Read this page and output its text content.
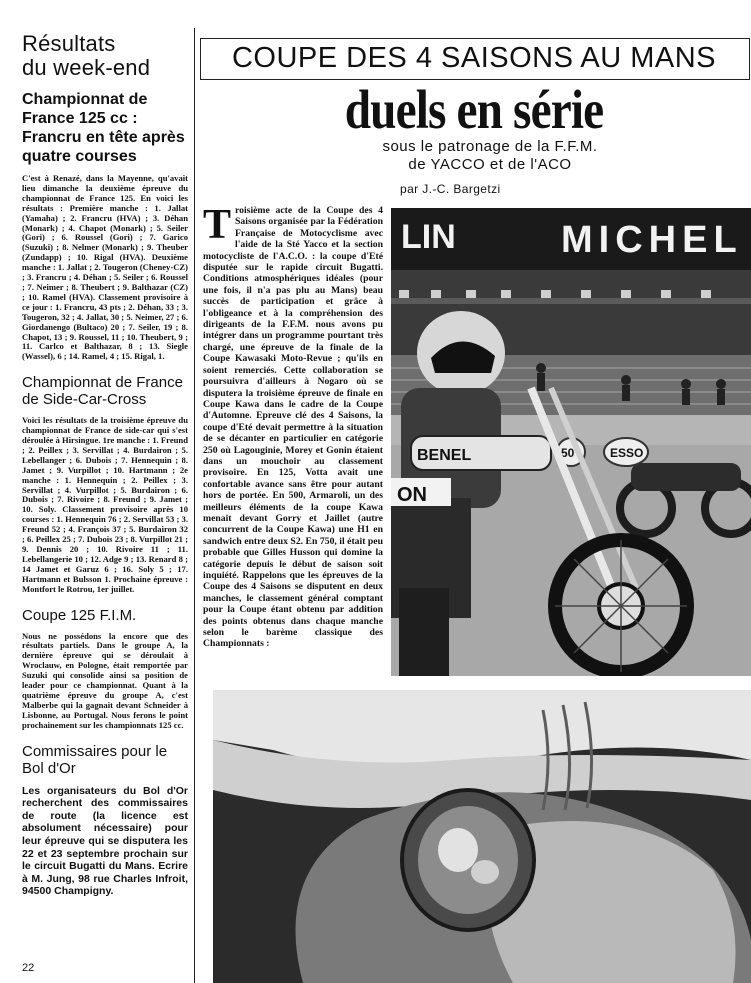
Résultats
du week-end
Championnat de France 125 cc : Francru en tête après quatre courses

C'est à Renazé, dans la Mayenne, qu'avait lieu dimanche la deuxième épreuve du championnat de France 125. En voici les résultats : Première manche : 1. Jallat (Yamaha) ; 2. Francru (HVA) ; 3. Déhan (Monark) ; 4. Chapot (Monark) ; 5. Seiler (Gori) ; 6. Roussel (Gori) ; 7. Garico (Suzuki) ; 8. Nelmer (Monark) ; 9. Theuber (Zundapp) ; 10. Rigal (HVA). Deuxième manche : 1. Jallat ; 2. Tougeron (Cheney-CZ) ; 3. Francru ; 4. Déhan ; 5. Seiler ; 6. Roussel ; 7. Neimer ; 8. Theubert ; 9. Balthazar (CZ) ; 10. Ramel (HVA). Classement provisoire à ce jour : 1. Francru, 43 pts ; 2. Déhan, 33 ; 3. Tougeron, 32 ; 4. Jallat, 30 ; 5. Neimer, 27 ; 6. Giordanengo (Bultaco) 20 ; 7. Seiler, 19 ; 8. Chapot, 13 ; 9. Roussel, 11 ; 10. Theubert, 9 ; 11. Carlco et Balthazar, 8 ; 13. Siegle (Wassel), 6 ; 14. Ramel, 4 ; 15. Rigal, 1.

Championnat de France de Side-Car-Cross

Voici les résultats de la troisième épreuve du championnat de France de side-car qui s'est déroulée à Hirsingue. 1re manche : 1. Freund ; 2. Peillex ; 3. Servillat ; 4. Burdairon ; 5. Lebellanger ; 6. Dubois ; 7. Hennequin ; 8. Jamet ; 9. Vurpillot ; 10. Hartmann ; 2e manche : 1. Hennequin ; 2. Peillex ; 3. Servillat ; 4. Vurpillot ; 5. Burdairon ; 6. Dubois ; 7. Rivoire ; 8. Freund ; 9. Jamet ; 10. Soly. Classement provisoire après 10 courses : 1. Hennequin 76 ; 2. Servillat 53 ; 3. Freund 52 ; 4. François 37 ; 5. Burdairon 32 ; 6. Peillex 25 ; 7. Dubois 23 ; 8. Vurpillot 21 ; 9. Dennis 20 ; 10. Rivoire 11 ; 11. Lebellangerie 10 ; 12. Adge 9 ; 13. Renard 8 ; 14 Jamet et Garuz 6 ; 16. Soly 5 ; 17. Hartmann et Bulsson 1. Prochaine épreuve : Montfort le Rotrou, 1er juillet.

Coupe 125 F.I.M.

Nous ne possédons la encore que des résultats partiels. Dans le groupe A, la dernière épreuve qui se déroulait à Wroclauw, en Pologne, était remportée par Suzuki qui consolide ainsi sa position de leader pour ce championnat. Quant à la quatrième épreuve du groupe A, c'est Malberbe qui la gagnait devant Schneider à Lisbonne, au Portugal. Nous ferons le point prochainement sur les championnats 125 cc.

Commissaires pour le Bol d'Or

Les organisateurs du Bol d'Or recherchent des commissaires de route (la licence est absolument nécessaire) pour leur épreuve qui se disputera les 22 et 23 septembre prochain sur le circuit Bugatti du Mans. Ecrire à M. Jung, 98 rue Charles Infroit, 94500 Champigny.

22
COUPE DES 4 SAISONS AU MANS
duels en série
sous le patronage de la F.F.M.
de YACCO et de l'ACO
par J.-C. Bargetzi
T roisième acte de la Coupe des 4 Saisons organisée par la Fédération Française de Motocyclisme avec l'aide de la Sté Yacco et la section motocycliste de l'A.C.O. : la coupe d'Eté disputée sur le rapide circuit Bugatti. Conditions atmosphériques idéales (pour une fois, il n'a pas plu au Mans) beau succès de participation et grâce à l'obligeance et à la compréhension des dirigeants de la F.F.M. nous avons pu intégrer dans un programme pourtant très chargé, une épreuve de la finale de la Coupe Kawasaki Moto-Revue ; qu'ils en soient remerciés. Cette collaboration se poursuivra d'ailleurs à Nogaro où se disputera la troisième épreuve de finale en Coupe Kawa dans le cadre de la Coupe d'Automne. Epreuve clé des 4 Saisons, la coupe d'Eté devait permettre à la situation de se décanter en particulier en catégorie 250 où Lagouginie, Morey et Gonin étaient dans un mouchoir au classement provisoire. En 125, Votta avait une confortable avance sans être pour autant hors de portée. En 500, Armaroli, un des meilleurs éléments de la coupe Kawa menait devant Gorry et Jaillet (autre concurrent de la Coupe Kawa) une H1 en sandwich entre deux S2. En 750, il était peu probable que Gilles Husson qui domine la catégorie depuis le début de saison soit inquiété. Rappelons que les épreuves de la Coupe des 4 Saisons se disputent en deux manches, le classement général comptant pour la Coupe étant obtenu par addition des points obtenus dans chaque manche selon le barème classique des Championnats :

LIN	MICHEL
ESSO
50
BENEL
ON
